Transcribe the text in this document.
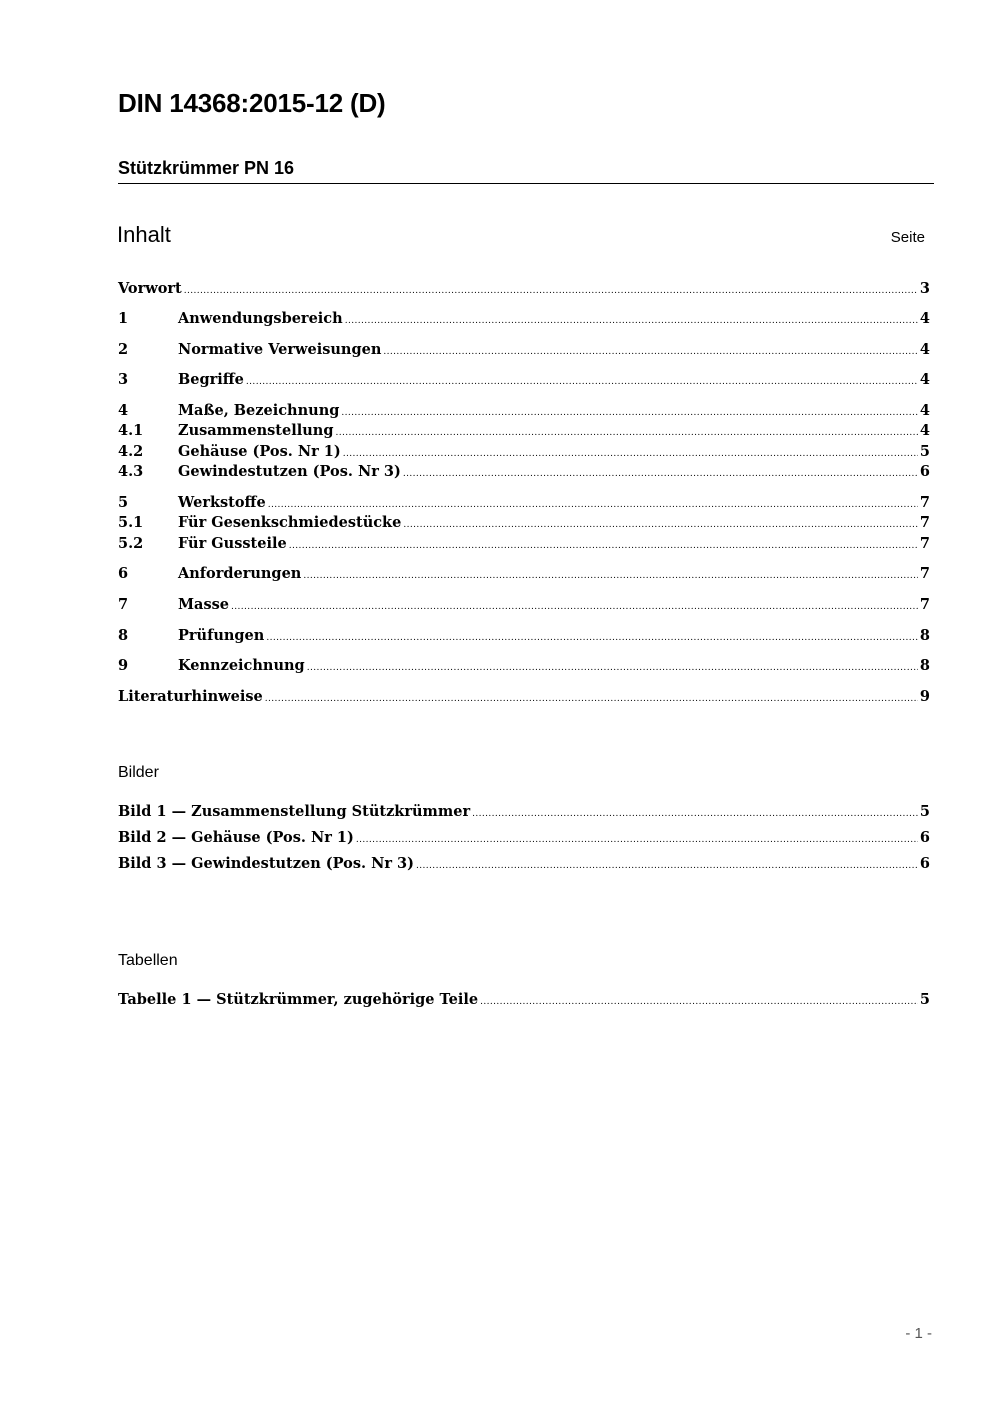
DIN 14368:2015-12 (D)
Stützkrümmer PN 16
Inhalt	Seite
Vorwort .....	3
1	Anwendungsbereich .....	4
2	Normative Verweisungen .....	4
3	Begriffe .....	4
4	Maße, Bezeichnung .....	4
4.1	Zusammenstellung .....	4
4.2	Gehäuse (Pos. Nr 1) .....	5
4.3	Gewindestutzen (Pos. Nr 3) .....	6
5	Werkstoffe .....	7
5.1	Für Gesenkschmiedestücke .....	7
5.2	Für Gussteile .....	7
6	Anforderungen .....	7
7	Masse .....	7
8	Prüfungen .....	8
9	Kennzeichnung .....	8
Literaturhinweise .....	9
Bilder
Bild 1 — Zusammenstellung Stützkrümmer .....	5
Bild 2 — Gehäuse (Pos. Nr 1) .....	6
Bild 3 — Gewindestutzen (Pos. Nr 3) .....	6
Tabellen
Tabelle 1 — Stützkrümmer, zugehörige Teile .....	5
- 1 -
